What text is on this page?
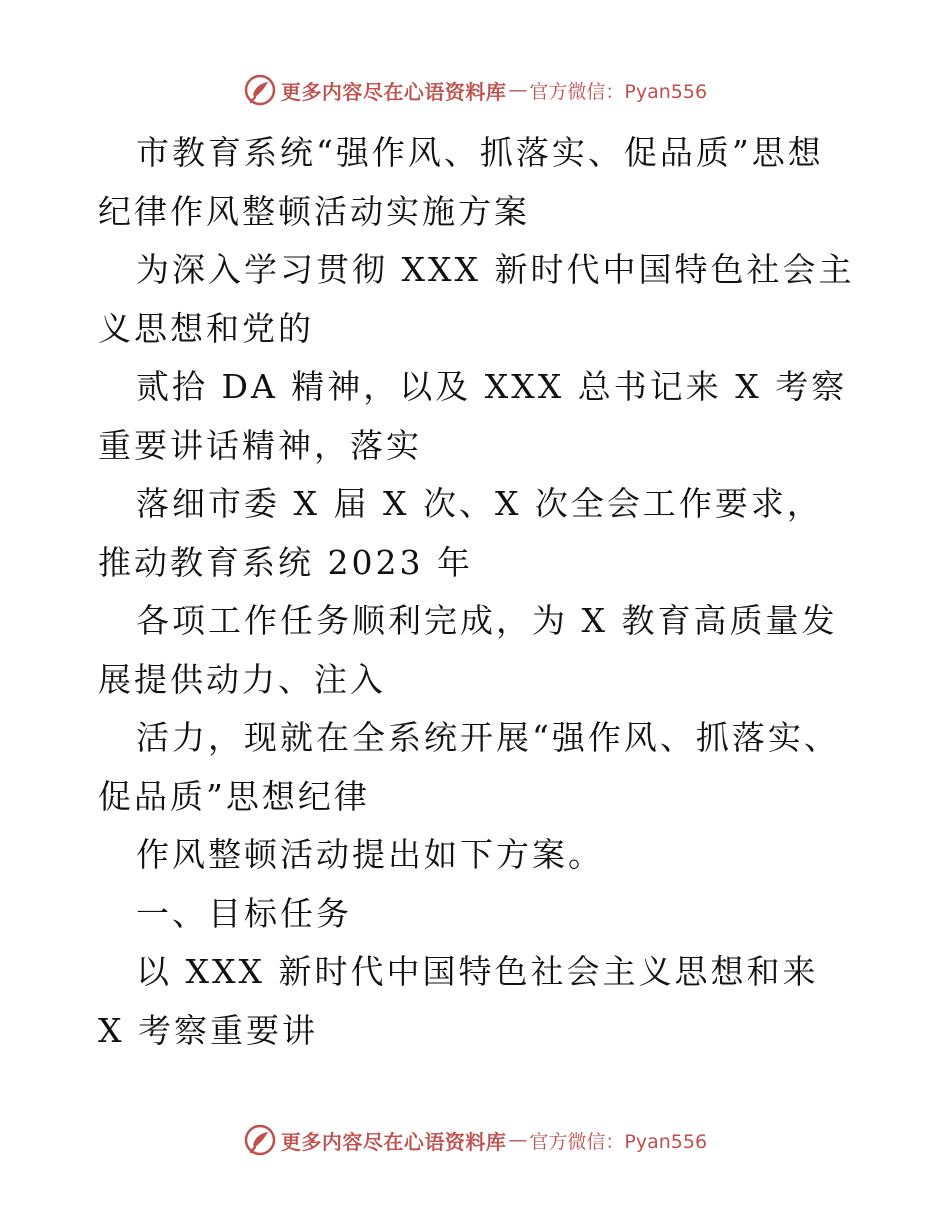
更多内容尽在心语资料库 — 官方微信：Pyan556

市教育系统“强作风、抓落实、促品质”思想纪律作风整顿活动实施方案

为深入学习贯彻 XXX 新时代中国特色社会主义思想和党的

贰拾 DA 精神，以及 XXX 总书记来 X 考察重要讲话精神，落实

落细市委 X 届 X 次、X 次全会工作要求，推动教育系统 2023 年

各项工作任务顺利完成，为 X 教育高质量发展提供动力、注入

活力，现就在全系统开展“强作风、抓落实、促品质”思想纪律

作风整顿活动提出如下方案。

一、目标任务

以 XXX 新时代中国特色社会主义思想和来 X 考察重要讲

更多内容尽在心语资料库 — 官方微信：Pyan556
